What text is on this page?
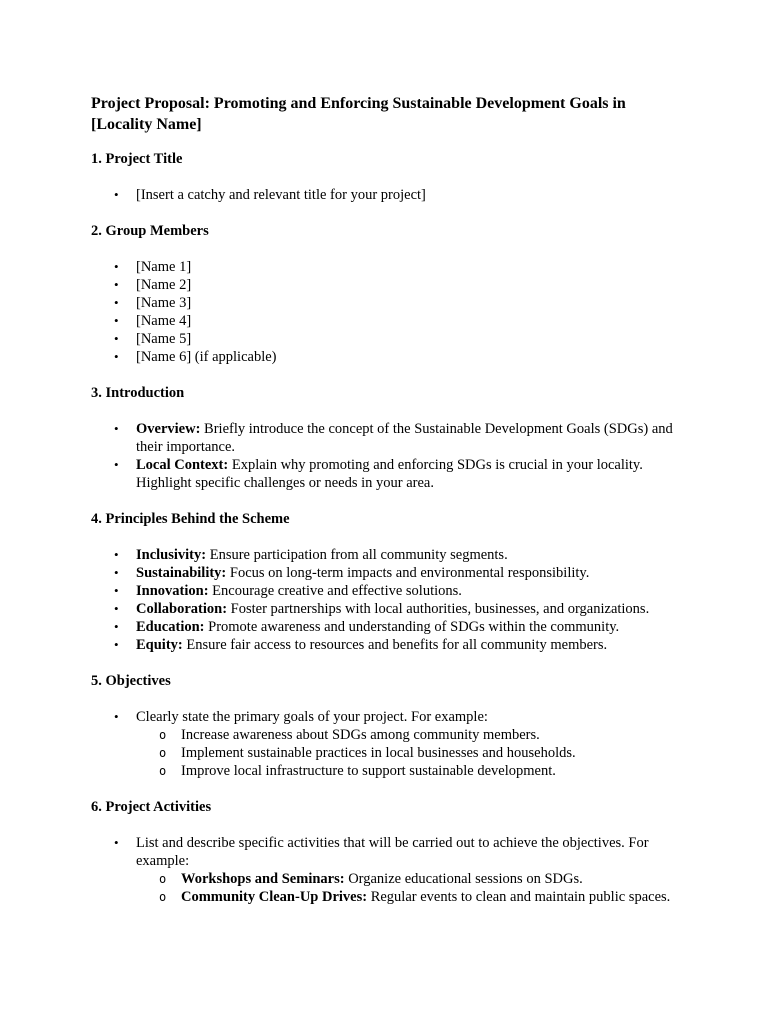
Project Proposal: Promoting and Enforcing Sustainable Development Goals in [Locality Name]
1. Project Title
• [Insert a catchy and relevant title for your project]
2. Group Members
• [Name 1]
• [Name 2]
• [Name 3]
• [Name 4]
• [Name 5]
• [Name 6] (if applicable)
3. Introduction
• Overview: Briefly introduce the concept of the Sustainable Development Goals (SDGs) and their importance.
• Local Context: Explain why promoting and enforcing SDGs is crucial in your locality. Highlight specific challenges or needs in your area.
4. Principles Behind the Scheme
• Inclusivity: Ensure participation from all community segments.
• Sustainability: Focus on long-term impacts and environmental responsibility.
• Innovation: Encourage creative and effective solutions.
• Collaboration: Foster partnerships with local authorities, businesses, and organizations.
• Education: Promote awareness and understanding of SDGs within the community.
• Equity: Ensure fair access to resources and benefits for all community members.
5. Objectives
• Clearly state the primary goals of your project. For example:
o Increase awareness about SDGs among community members.
o Implement sustainable practices in local businesses and households.
o Improve local infrastructure to support sustainable development.
6. Project Activities
• List and describe specific activities that will be carried out to achieve the objectives. For example:
o Workshops and Seminars: Organize educational sessions on SDGs.
o Community Clean-Up Drives: Regular events to clean and maintain public spaces.
